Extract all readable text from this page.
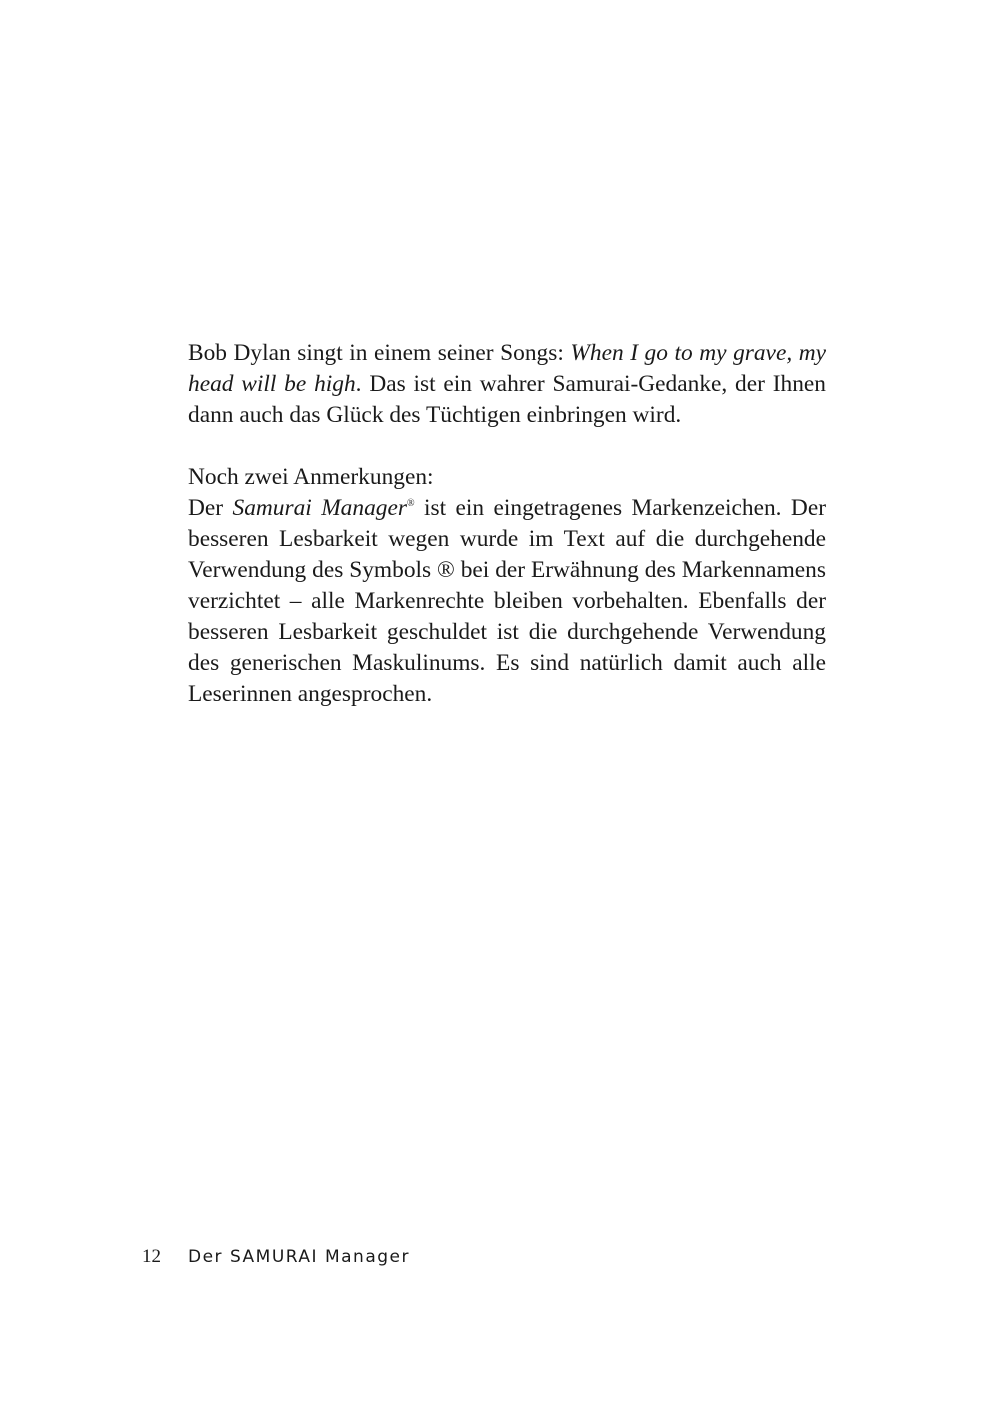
Bob Dylan singt in einem seiner Songs: When I go to my grave, my head will be high. Das ist ein wahrer Samurai-Gedanke, der Ihnen dann auch das Glück des Tüchtigen einbringen wird.

Noch zwei Anmerkungen:

Der Samurai Manager® ist ein eingetragenes Markenzeichen. Der besseren Lesbarkeit wegen wurde im Text auf die durchgehende Verwendung des Symbols ® bei der Erwähnung des Markennamens verzichtet – alle Markenrechte bleiben vorbehalten. Ebenfalls der besseren Lesbarkeit geschuldet ist die durchgehende Verwendung des generischen Maskulinums. Es sind natürlich damit auch alle Leserinnen angesprochen.

12 Der SAMURAI Manager
